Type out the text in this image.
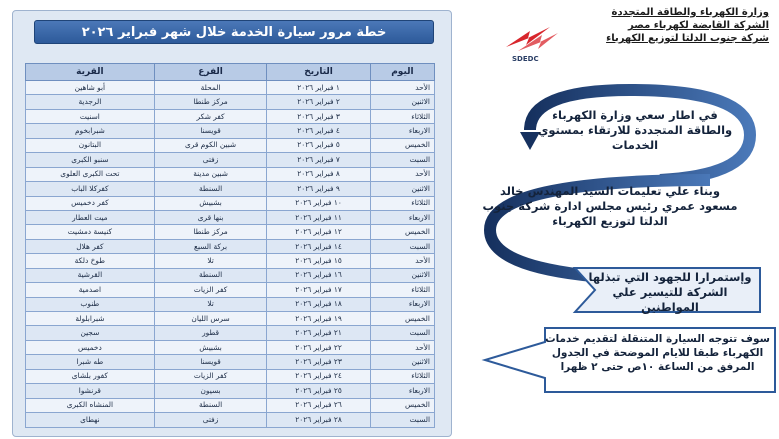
خطة مرور سيارة الخدمة خلال شهر فبراير ٢٠٢٦
اليوم	التاريخ	الفرع	القرية
الأحد	١ فبراير ٢٠٢٦	المحلة	أبو شاهين
الاثنين	٢ فبراير ٢٠٢٦	مركز طنطا	الرجدية
الثلاثاء	٣ فبراير ٢٠٢٦	كفر شكر	اسنيت
الاربعاء	٤ فبراير ٢٠٢٦	قويسنا	شبرابخوم
الخميس	٥ فبراير ٢٠٢٦	شبين الكوم قرى	البتانون
السبت	٧ فبراير ٢٠٢٦	زفتى	سنبو الكبرى
الأحد	٨ فبراير ٢٠٢٦	شبين مدينة	تحت الكبرى العلوى
الاثنين	٩ فبراير ٢٠٢٦	السنطة	كفركلا الباب
الثلاثاء	١٠ فبراير ٢٠٢٦	بشبيش	كفر دخميس
الاربعاء	١١ فبراير ٢٠٢٦	بنها قرى	ميت العطار
الخميس	١٢ فبراير ٢٠٢٦	مركز طنطا	كنيسة دمشيت
السبت	١٤ فبراير ٢٠٢٦	بركة السبع	كفر هلال
الأحد	١٥ فبراير ٢٠٢٦	تلا	طوخ دلكة
الاثنين	١٦ فبراير ٢٠٢٦	السنطة	القرشية
الثلاثاء	١٧ فبراير ٢٠٢٦	كفر الزيات	اصدمية
الاربعاء	١٨ فبراير ٢٠٢٦	تلا	طنوب
الخميس	١٩ فبراير ٢٠٢٦	سرس الليان	شبرابلولة
السبت	٢١ فبراير ٢٠٢٦	قطور	سجين
الأحد	٢٢ فبراير ٢٠٢٦	بشبيش	دخميس
الاثنين	٢٣ فبراير ٢٠٢٦	قويسنا	طه شبرا
الثلاثاء	٢٤ فبراير ٢٠٢٦	كفر الزيات	كفور بلشاى
الاربعاء	٢٥ فبراير ٢٠٢٦	بسيون	قرنشوا
الخميس	٢٦ فبراير ٢٠٢٦	السنطة	المنشاه الكبرى
السبت	٢٨ فبراير ٢٠٢٦	زفتى	نهطاى
SDEDC
وزارة الكهرباء والطاقة المتجددة
الشركة القابضة لكهرباء مصر
شركة جنوب الدلتا لتوزيع الكهرباء
في اطار سعي وزارة الكهرباء والطاقة المتجددة للارتقاء بمستوي الخدمات
وبناء علي تعليمات السيد المهندس خالد مسعود عمري رئيس مجلس ادارة شركة جنوب الدلتا لتوزيع الكهرباء
وإستمرارا للجهود التي تبذلها الشركة للتيسير علي المواطنين
سوف تتوجه السيارة المتنقلة لتقديم خدمات الكهرباء طبقا للايام الموضحة في الجدول المرفق من الساعة ١٠ص حتى ٢ ظهرا
